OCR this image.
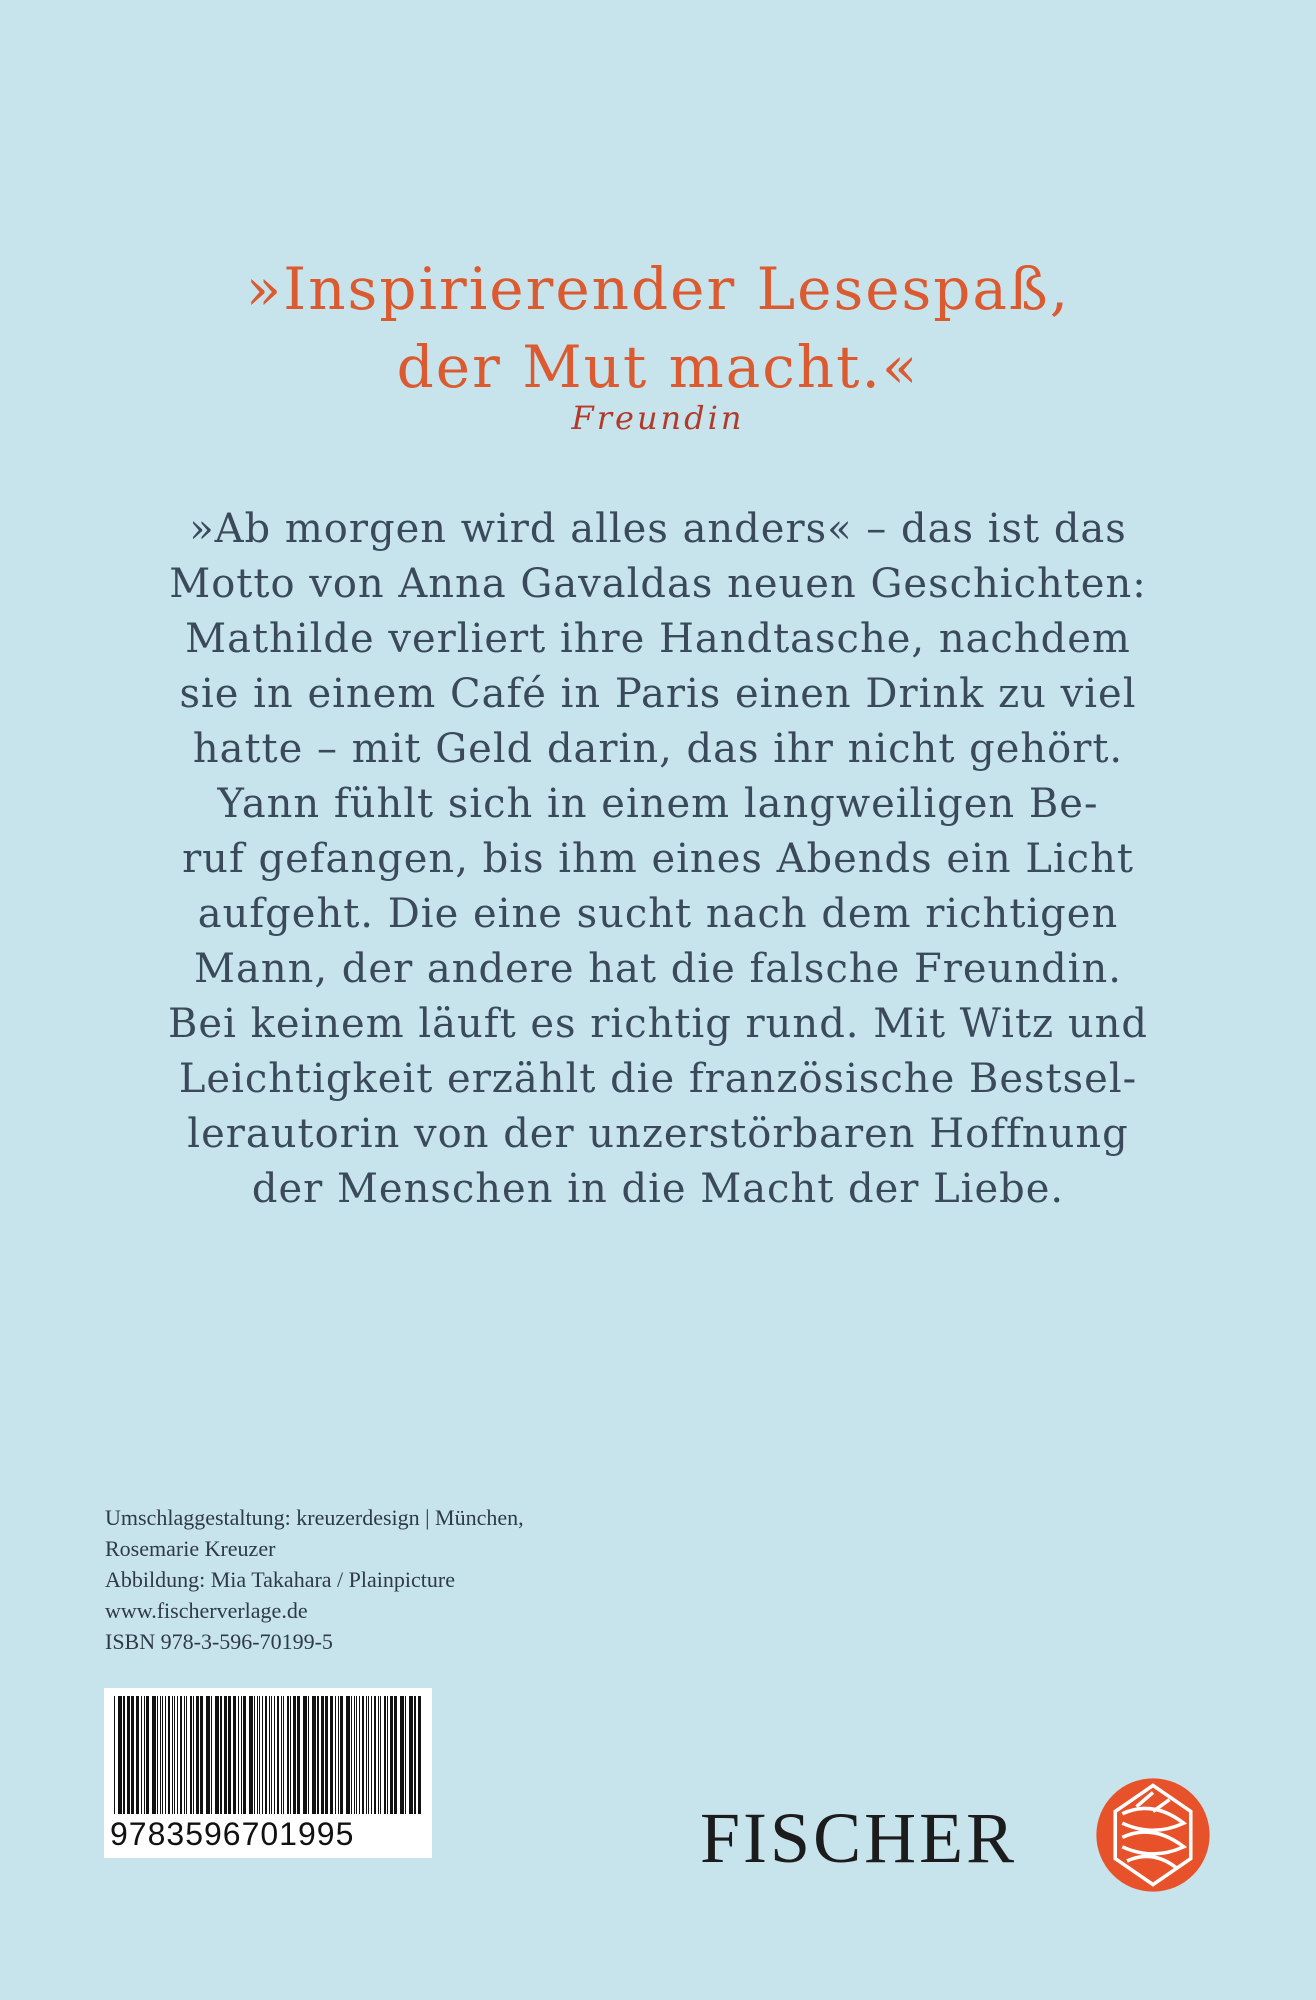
»Inspirierender Lesespaß,
der Mut macht.«
Freundin
»Ab morgen wird alles anders« – das ist das
Motto von Anna Gavaldas neuen Geschichten:
Mathilde verliert ihre Handtasche, nachdem
sie in einem Café in Paris einen Drink zu viel
hatte – mit Geld darin, das ihr nicht gehört.
Yann fühlt sich in einem langweiligen Be-
ruf gefangen, bis ihm eines Abends ein Licht
aufgeht. Die eine sucht nach dem richtigen
Mann, der andere hat die falsche Freundin.
Bei keinem läuft es richtig rund. Mit Witz und
Leichtigkeit erzählt die französische Bestsel-
lerautorin von der unzerstörbaren Hoffnung
der Menschen in die Macht der Liebe.
Umschlaggestaltung: kreuzerdesign | München,
Rosemarie Kreuzer
Abbildung: Mia Takahara / Plainpicture
www.fischerverlage.de
ISBN 978-3-596-70199-5
9783596701995	FISCHER
